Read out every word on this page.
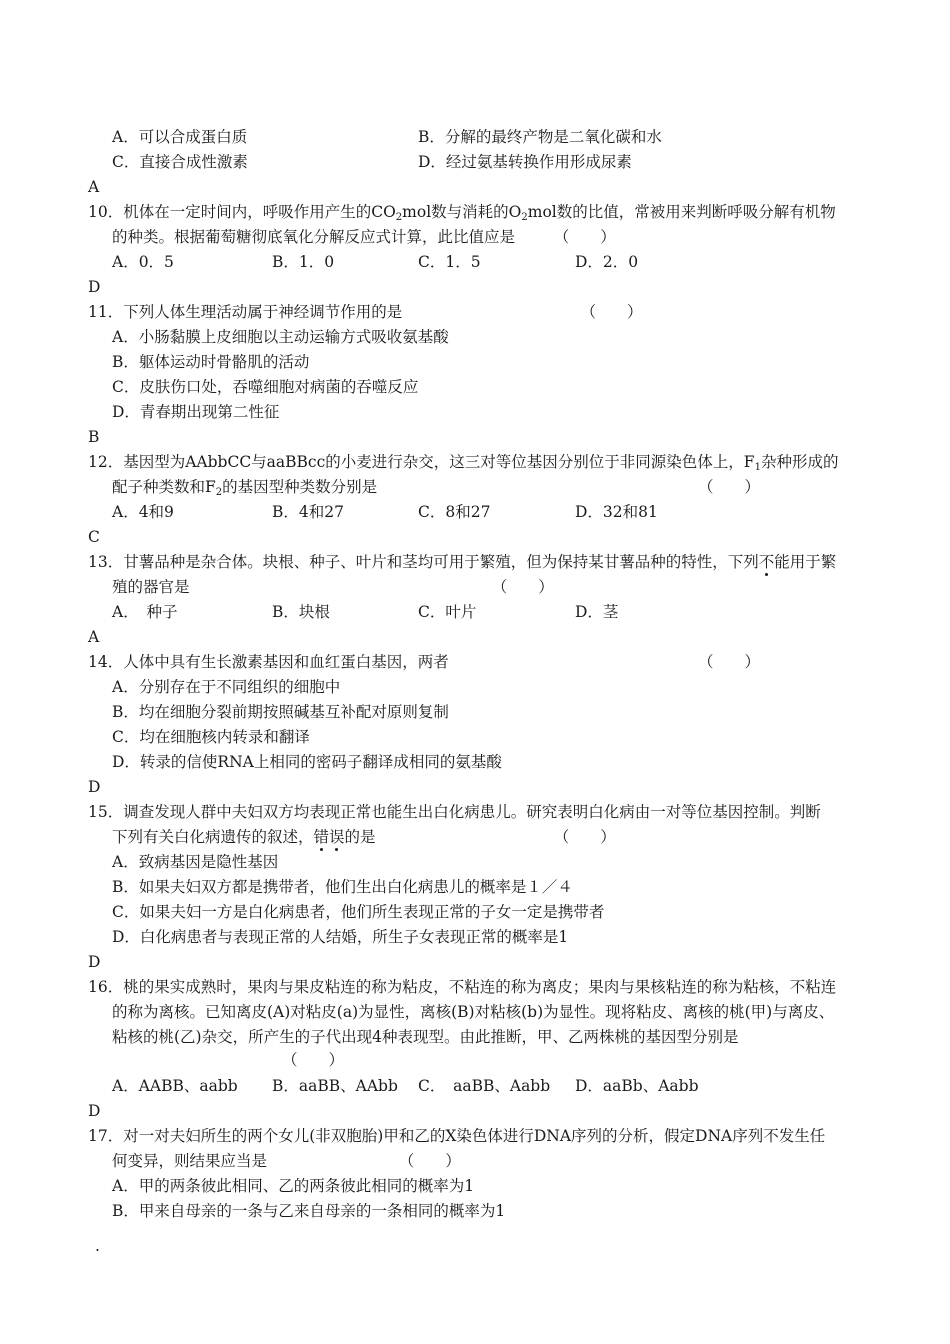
A．可以合成蛋白质	B．分解的最终产物是二氧化碳和水
C．直接合成性激素	D．经过氨基转换作用形成尿素
A
10．机体在一定时间内，呼吸作用产生的$CO_2mol$数与消耗的$O_2mol$数的比值，常被用来判断呼吸分解有机物
的种类。根据葡萄糖彻底氧化分解反应式计算，此比值应是　　　（　　）
A．0．5	B．1．0	C．1．5	D．2．0
D
11．下列人体生理活动属于神经调节作用的是　　　　　　　　　　　　（　　）
A．小肠黏膜上皮细胞以主动运输方式吸收氨基酸
B．躯体运动时骨骼肌的活动
C．皮肤伤口处，吞噬细胞对病菌的吞噬反应
D．青春期出现第二性征
B
12．基因型为AAbbCC与aaBBcc的小麦进行杂交，这三对等位基因分别位于非同源染色体上，$F_1$杂种形成的
配子种类数和$F_2$的基因型种类数分别是	（　　）
A．4和9	B．4和27	C．8和27	D．32和81
C
13．甘薯品种是杂合体。块根、种子、叶片和茎均可用于繁殖，但为保持某甘薯品种的特性，下列不能用于繁
殖的器官是　　　　　　　　　　　　　　　　　　　　（　　）
A．　种子	B．块根	C．叶片	D．茎
A
14．人体中具有生长激素基因和血红蛋白基因，两者	（　　）
A．分别存在于不同组织的细胞中
B．均在细胞分裂前期按照碱基互补配对原则复制
C．均在细胞核内转录和翻译
D．转录的信使RNA上相同的密码子翻译成相同的氨基酸
D
15．调查发现人群中夫妇双方均表现正常也能生出白化病患儿。研究表明白化病由一对等位基因控制。判断
下列有关白化病遗传的叙述，错误的是　　　　　　　　　　　　（　　）
A．致病基因是隐性基因
B．如果夫妇双方都是携带者，他们生出白化病患儿的概率是１／４
C．如果夫妇一方是白化病患者，他们所生表现正常的子女一定是携带者
D．白化病患者与表现正常的人结婚，所生子女表现正常的概率是1
D
16．桃的果实成熟时，果肉与果皮粘连的称为粘皮，不粘连的称为离皮；果肉与果核粘连的称为粘核，不粘连
的称为离核。已知离皮(A)对粘皮(a)为显性，离核(B)对粘核(b)为显性。现将粘皮、离核的桃(甲)与离皮、
粘核的桃(乙)杂交，所产生的子代出现4种表现型。由此推断，甲、乙两株桃的基因型分别是
（　　）
A．AABB、aabb B．aaBB、AAbb C．　aaBB、Aabb D．aaBb、Aabb
D
17．对一对夫妇所生的两个女儿(非双胞胎)甲和乙的X染色体进行DNA序列的分析，假定DNA序列不发生任
何变异，则结果应当是　　　　　　　　　（　　）
A．甲的两条彼此相同、乙的两条彼此相同的概率为1
B．甲来自母亲的一条与乙来自母亲的一条相同的概率为1
.
